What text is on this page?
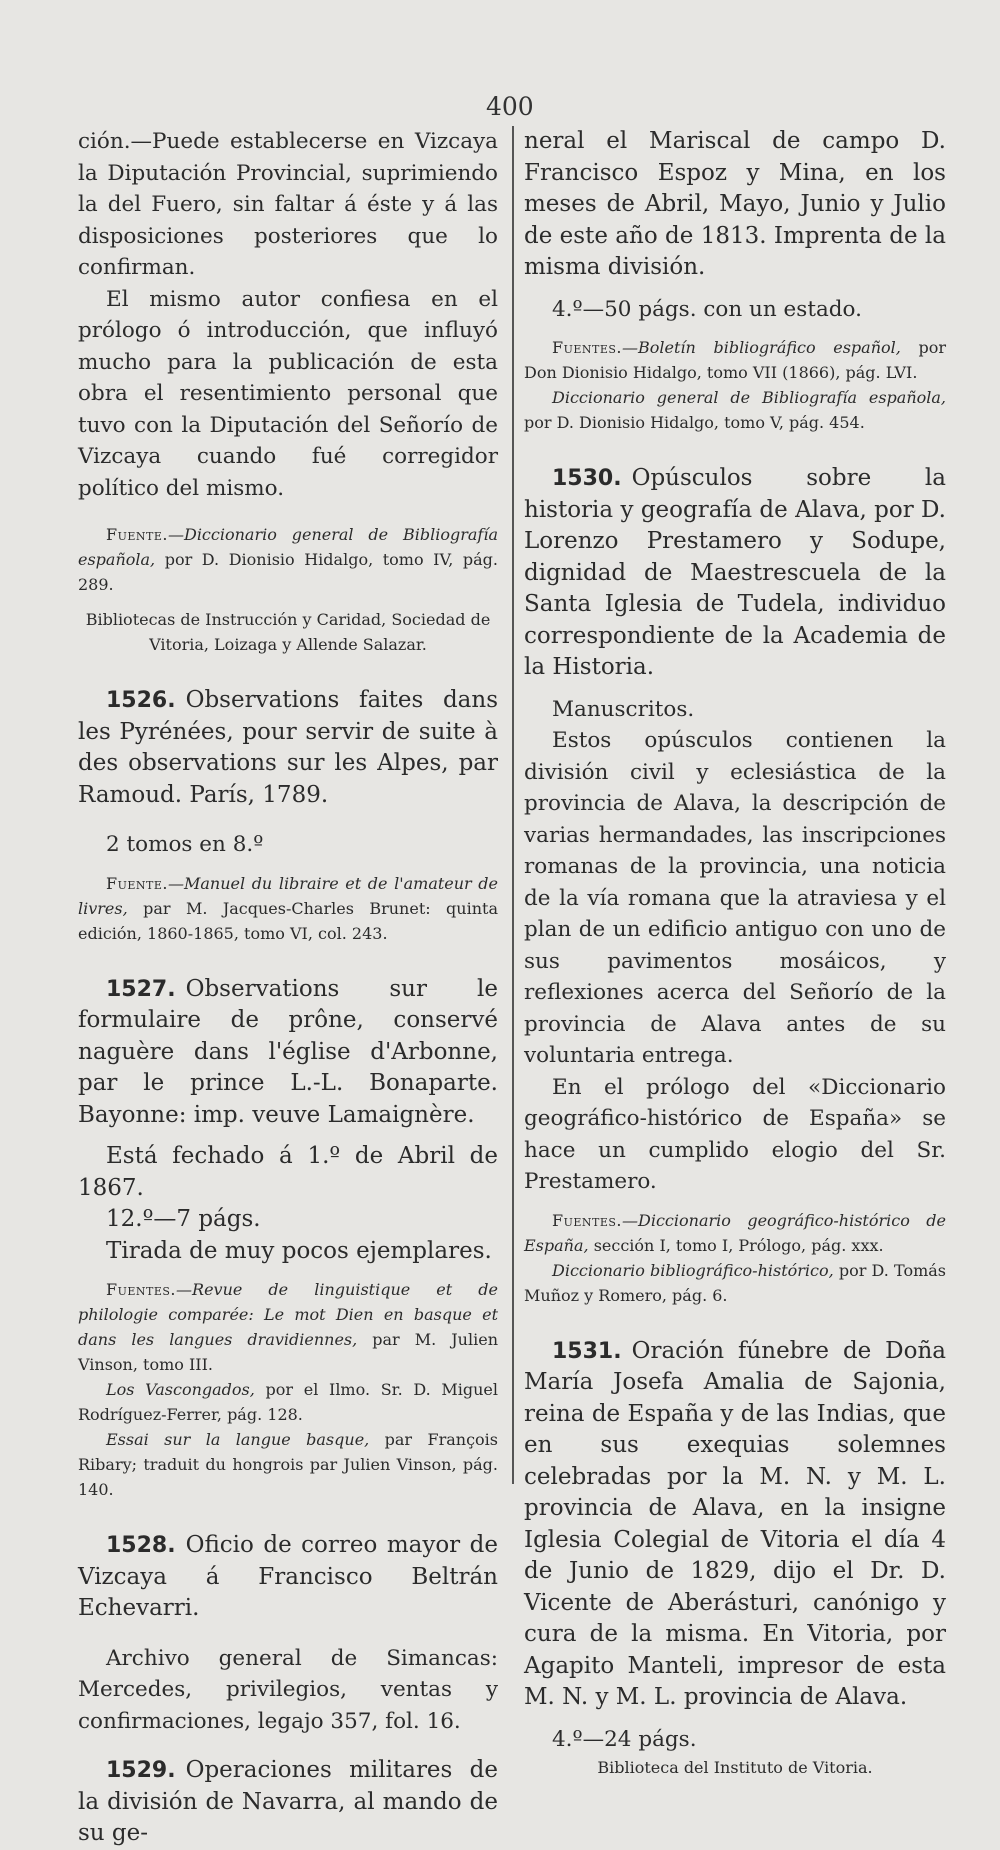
400

ción.—Puede establecerse en Vizcaya la Diputación Provincial, suprimiendo la del Fuero, sin faltar á éste y á las disposiciones posteriores que lo confirman.

El mismo autor confiesa en el prólogo ó introducción, que influyó mucho para la publicación de esta obra el resentimiento personal que tuvo con la Diputación del Señorío de Vizcaya cuando fué corregidor político del mismo.

Fuente.—Diccionario general de Bibliografía española, por D. Dionisio Hidalgo, tomo IV, pág. 289.

Bibliotecas de Instrucción y Caridad, Sociedad de Vitoria, Loizaga y Allende Salazar.

1526. Observations faites dans les Pyrénées, pour servir de suite à des observations sur les Alpes, par Ramoud. París, 1789.

2 tomos en 8.º

Fuente.—Manuel du libraire et de l'amateur de livres, par M. Jacques-Charles Brunet: quinta edición, 1860-1865, tomo VI, col. 243.

1527. Observations sur le formulaire de prône, conservé naguère dans l'église d'Arbonne, par le prince L.-L. Bonaparte. Bayonne: imp. veuve Lamaignère.

Está fechado á 1.º de Abril de 1867.

12.º—7 págs.

Tirada de muy pocos ejemplares.

Fuentes.—Revue de linguistique et de philologie comparée: Le mot Dien en basque et dans les langues dravidiennes, par M. Julien Vinson, tomo III.

Los Vascongados, por el Ilmo. Sr. D. Miguel Rodríguez-Ferrer, pág. 128.

Essai sur la langue basque, par François Ribary; traduit du hongrois par Julien Vinson, pág. 140.

1528. Oficio de correo mayor de Vizcaya á Francisco Beltrán Echevarri.

Archivo general de Simancas: Mercedes, privilegios, ventas y confirmaciones, legajo 357, fol. 16.

1529. Operaciones militares de la división de Navarra, al mando de su ge-

neral el Mariscal de campo D. Francisco Espoz y Mina, en los meses de Abril, Mayo, Junio y Julio de este año de 1813. Imprenta de la misma división.

4.º—50 págs. con un estado.

Fuentes.—Boletín bibliográfico español, por Don Dionisio Hidalgo, tomo VII (1866), pág. LVI.

Diccionario general de Bibliografía española, por D. Dionisio Hidalgo, tomo V, pág. 454.

1530. Opúsculos sobre la historia y geografía de Alava, por D. Lorenzo Prestamero y Sodupe, dignidad de Maestrescuela de la Santa Iglesia de Tudela, individuo correspondiente de la Academia de la Historia.

Manuscritos.

Estos opúsculos contienen la división civil y eclesiástica de la provincia de Alava, la descripción de varias hermandades, las inscripciones romanas de la provincia, una noticia de la vía romana que la atraviesa y el plan de un edificio antiguo con uno de sus pavimentos mosáicos, y reflexiones acerca del Señorío de la provincia de Alava antes de su voluntaria entrega.

En el prólogo del «Diccionario geográfico-histórico de España» se hace un cumplido elogio del Sr. Prestamero.

Fuentes.—Diccionario geográfico-histórico de España, sección I, tomo I, Prólogo, pág. xxx.

Diccionario bibliográfico-histórico, por D. Tomás Muñoz y Romero, pág. 6.

1531. Oración fúnebre de Doña María Josefa Amalia de Sajonia, reina de España y de las Indias, que en sus exequias solemnes celebradas por la M. N. y M. L. provincia de Alava, en la insigne Iglesia Colegial de Vitoria el día 4 de Junio de 1829, dijo el Dr. D. Vicente de Aberásturi, canónigo y cura de la misma. En Vitoria, por Agapito Manteli, impresor de esta M. N. y M. L. provincia de Alava.

4.º—24 págs.

Biblioteca del Instituto de Vitoria.
